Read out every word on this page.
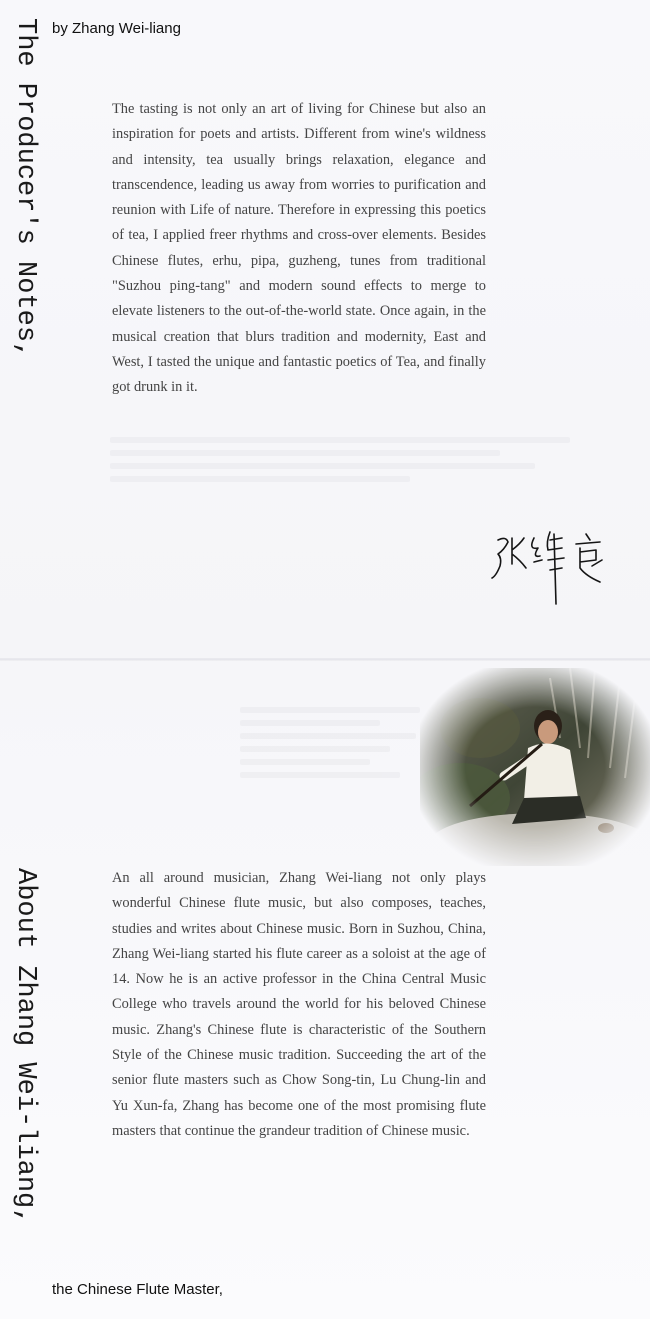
by Zhang Wei-liang

The Producer's Notes,	The tasting is not only an art of living for Chinese but also an inspiration for poets and artists. Different from wine's wildness and intensity, tea usually brings relaxation, elegance and transcendence, leading us away from worries to purification and reunion with Life of nature. Therefore in expressing this poetics of tea, I applied freer rhythms and cross-over elements. Besides Chinese flutes, erhu, pipa, guzheng, tunes from traditional "Suzhou ping-tang" and modern sound effects to merge to elevate listeners to the out-of-the-world state. Once again, in the musical creation that blurs tradition and modernity, East and West, I tasted the unique and fantastic poetics of Tea, and finally got drunk in it.

About Zhang Wei-liang,	An all around musician, Zhang Wei-liang not only plays wonderful Chinese flute music, but also composes, teaches, studies and writes about Chinese music. Born in Suzhou, China, Zhang Wei-liang started his flute career as a soloist at the age of 14. Now he is an active professor in the China Central Music College who travels around the world for his beloved Chinese music. Zhang's Chinese flute is characteristic of the Southern Style of the Chinese music tradition. Succeeding the art of the senior flute masters such as Chow Song-tin, Lu Chung-lin and Yu Xun-fa, Zhang has become one of the most promising flute masters that continue the grandeur tradition of Chinese music.

the Chinese Flute Master,
